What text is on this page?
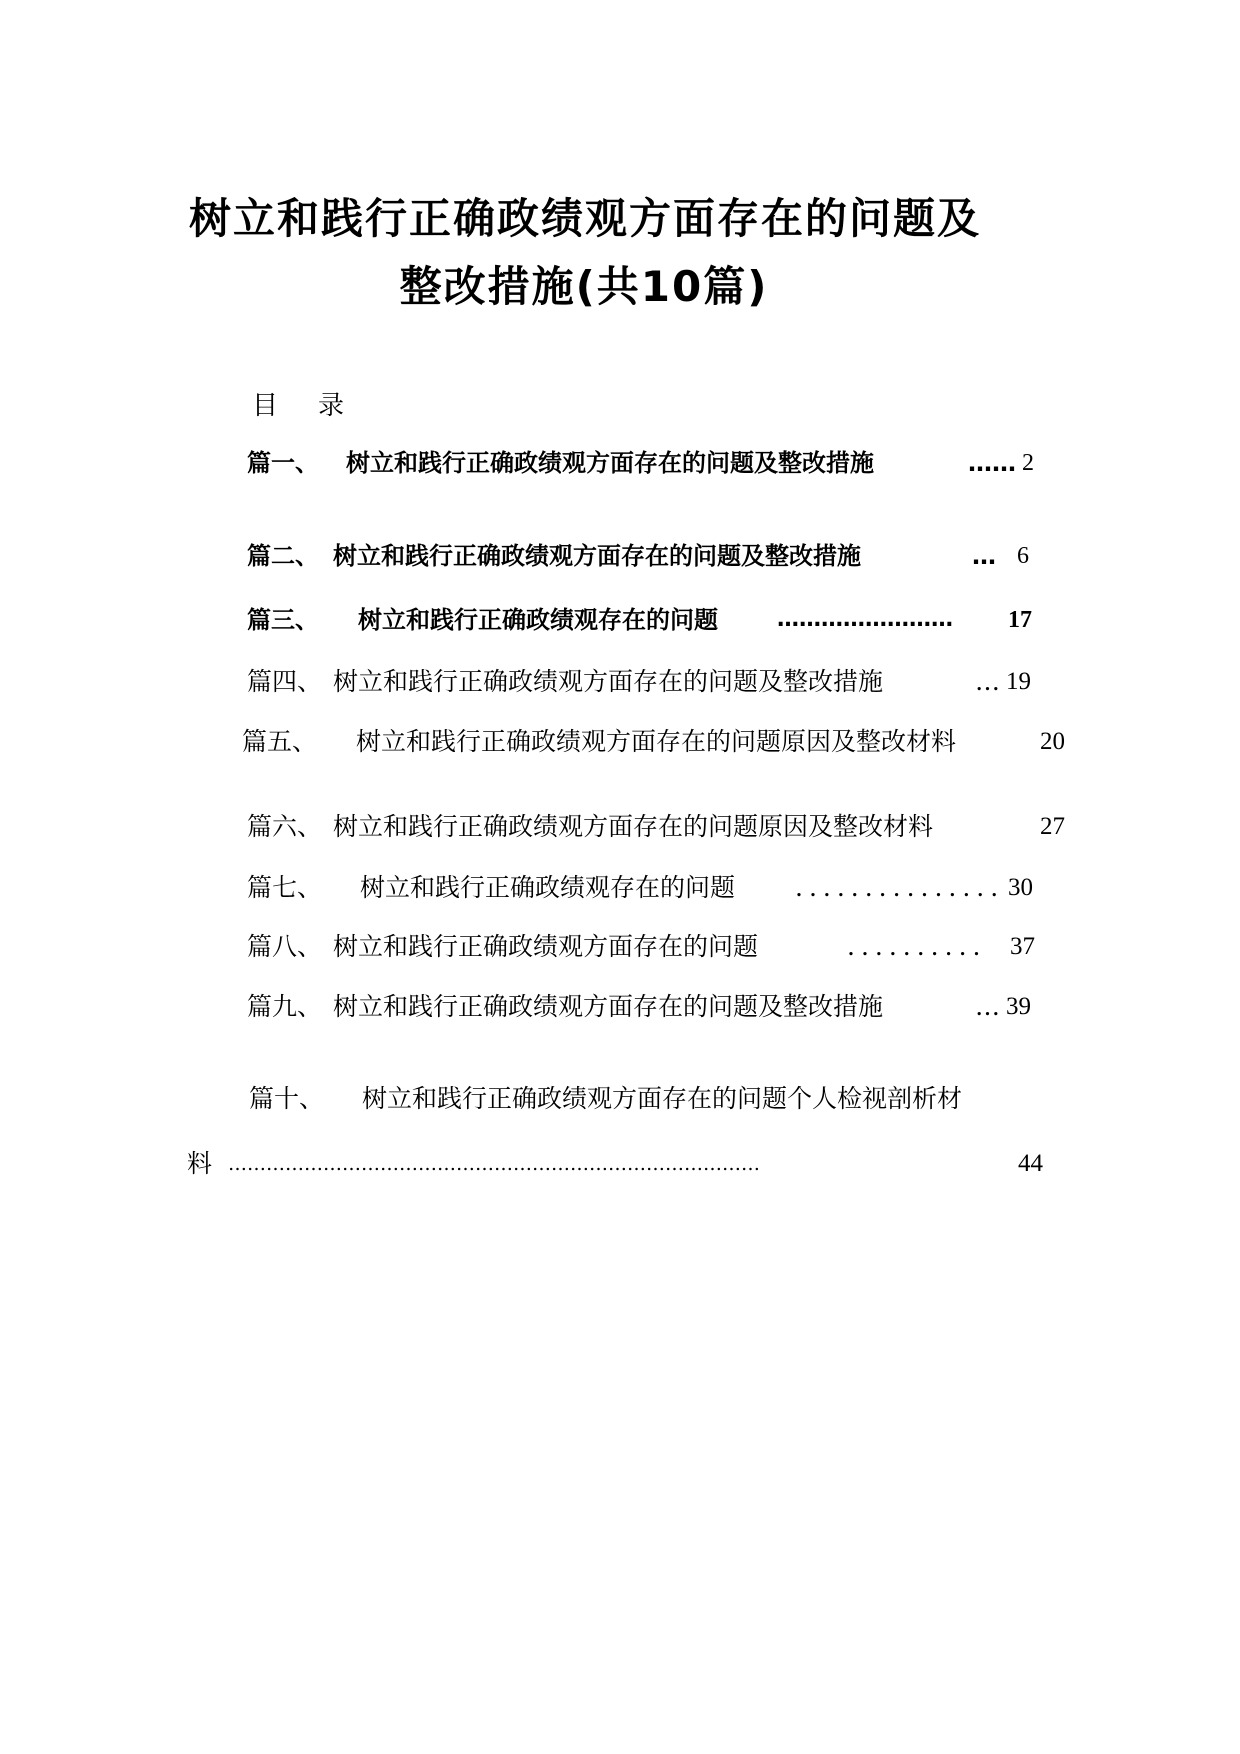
树立和践行正确政绩观方面存在的问题及
整改措施(共10篇)
目 录
篇一、 树立和践行正确政绩观方面存在的问题及整改措施	…… 2
篇二、 树立和践行正确政绩观方面存在的问题及整改措施	… 6
篇三、 树立和践行正确政绩观存在的问题	…………………… 17
篇四、 树立和践行正确政绩观方面存在的问题及整改措施	… 19
篇五、 树立和践行正确政绩观方面存在的问题原因及整改材料	20
篇六、 树立和践行正确政绩观方面存在的问题原因及整改材料	27
篇七、 树立和践行正确政绩观存在的问题 ............... 30
篇八、 树立和践行正确政绩观方面存在的问题	.......... 37
篇九、 树立和践行正确政绩观方面存在的问题及整改措施	… 39
篇十、 树立和践行正确政绩观方面存在的问题个人检视剖析材
料 …………………………………………………………………………	44
